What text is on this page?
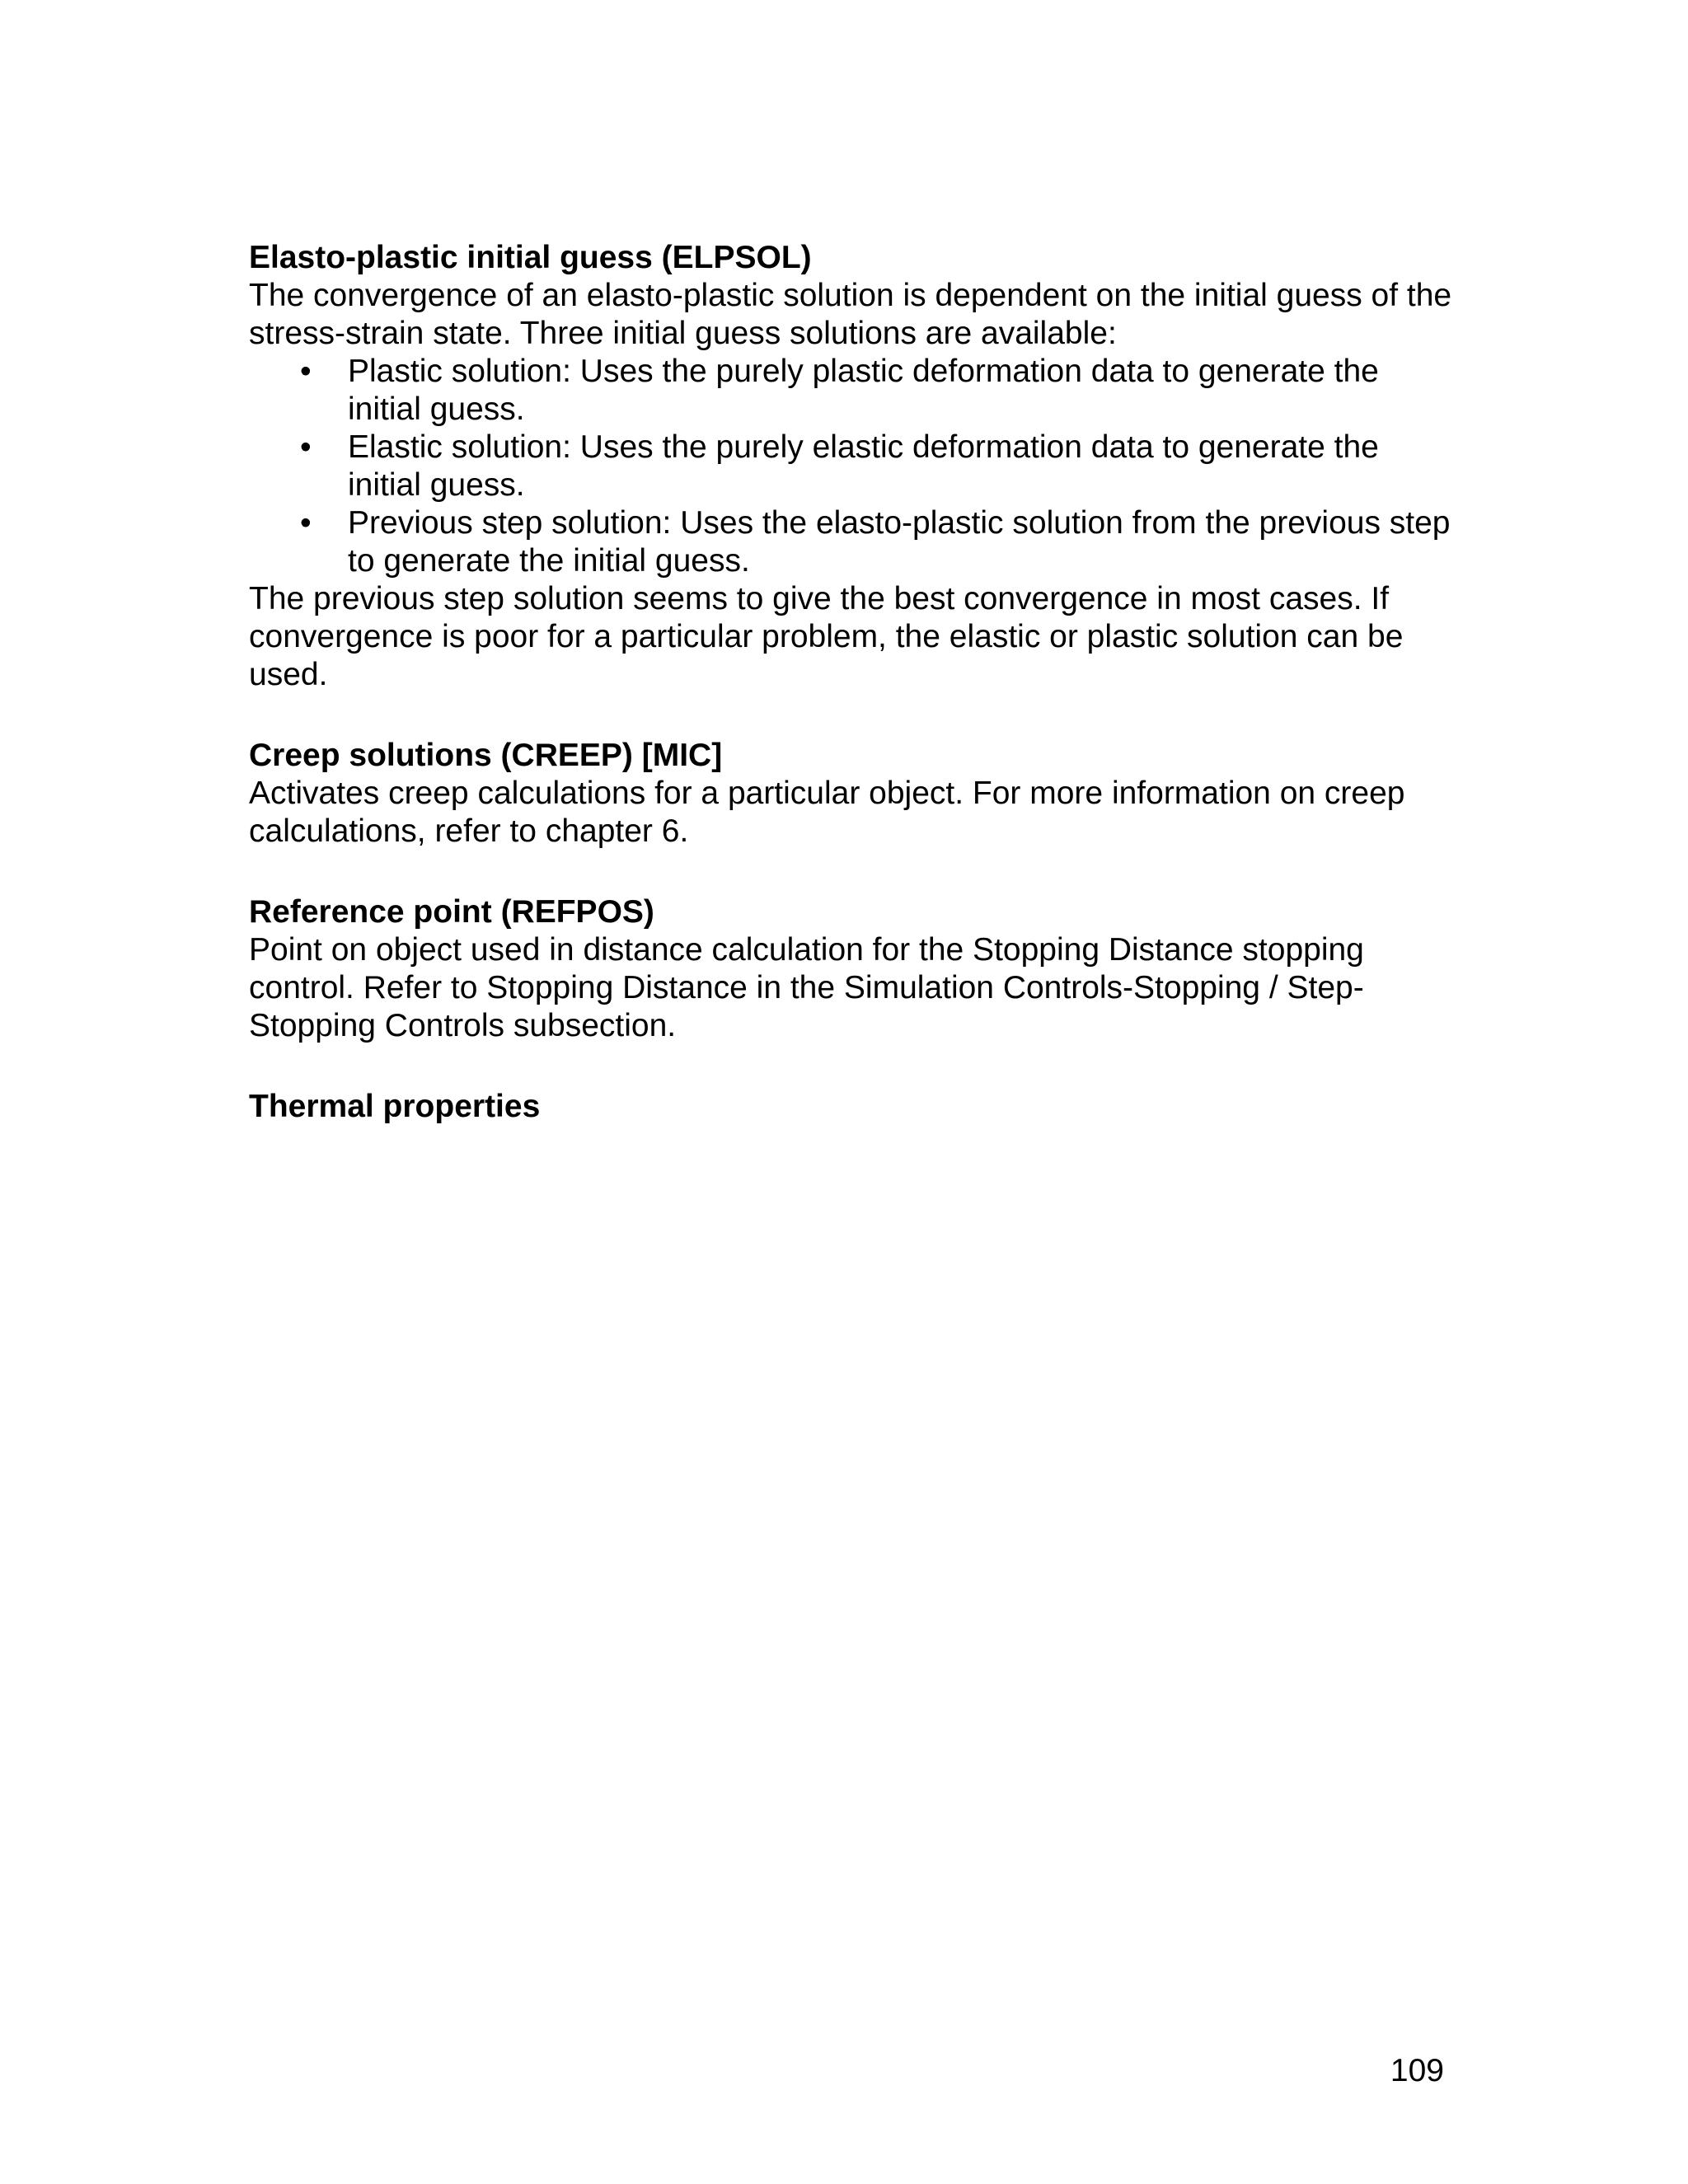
Elasto-plastic initial guess (ELPSOL)
The convergence of an elasto-plastic solution is dependent on the initial guess of the stress-strain state. Three initial guess solutions are available:
• Plastic solution: Uses the purely plastic deformation data to generate the initial guess.
• Elastic solution: Uses the purely elastic deformation data to generate the initial guess.
• Previous step solution: Uses the elasto-plastic solution from the previous step to generate the initial guess.
The previous step solution seems to give the best convergence in most cases. If convergence is poor for a particular problem, the elastic or plastic solution can be used.
Creep solutions (CREEP) [MIC]
Activates creep calculations for a particular object. For more information on creep calculations, refer to chapter 6.
Reference point (REFPOS)
Point on object used in distance calculation for the Stopping Distance stopping control. Refer to Stopping Distance in the Simulation Controls-Stopping / Step-Stopping Controls subsection.
Thermal properties
109
